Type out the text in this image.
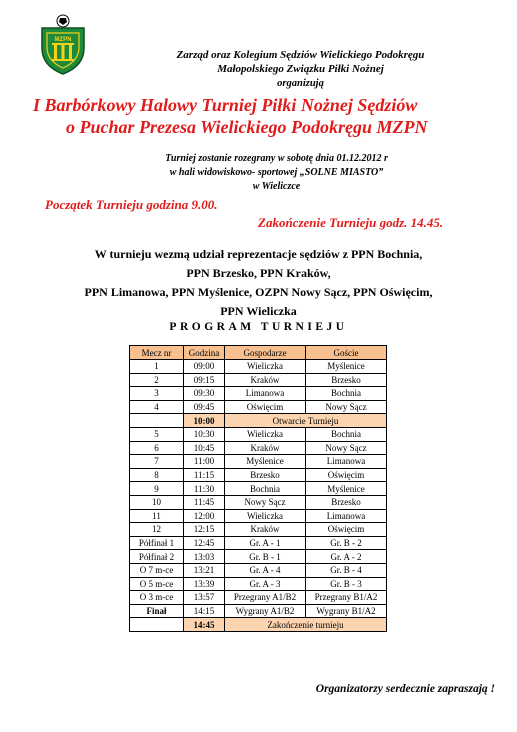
MZPN
Zarząd oraz Kolegium Sędziów Wielickiego Podokręgu
Małopolskiego Związku Piłki Nożnej
organizują
I Barbórkowy Halowy Turniej Piłki Nożnej Sędziów
o Puchar Prezesa Wielickiego Podokręgu MZPN
Turniej zostanie rozegrany w sobotę dnia 01.12.2012 r
w hali widowiskowo- sportowej „SOLNE MIASTO”
w Wieliczce
Początek Turnieju godzina 9.00.
Zakończenie Turnieju godz. 14.45.
W turnieju wezmą udział reprezentacje sędziów z PPN Bochnia,
PPN Brzesko, PPN Kraków,
PPN Limanowa, PPN Myślenice, OZPN Nowy Sącz, PPN Oświęcim,
PPN Wieliczka
PROGRAM TURNIEJU
Mecz nr	Godzina	Gospodarze	Goście
1	09:00	Wieliczka	Myślenice
2	09:15	Kraków	Brzesko
3	09:30	Limanowa	Bochnia
4	09:45	Oświęcim	Nowy Sącz
	10:00	Otwarcie Turnieju	
5	10:30	Wieliczka	Bochnia
6	10:45	Kraków	Nowy Sącz
7	11:00	Myślenice	Limanowa
8	11:15	Brzesko	Oświęcim
9	11:30	Bochnia	Myślenice
10	11:45	Nowy Sącz	Brzesko
11	12:00	Wieliczka	Limanowa
12	12:15	Kraków	Oświęcim
Półfinał 1	12:45	Gr. A - 1	Gr. B - 2
Półfinał 2	13:03	Gr. B - 1	Gr. A - 2
O 7 m-ce	13:21	Gr. A - 4	Gr. B - 4
O 5 m-ce	13:39	Gr. A - 3	Gr. B - 3
O 3 m-ce	13:57	Przegrany A1/B2	Przegrany B1/A2
Finał	14:15	Wygrany A1/B2	Wygrany B1/A2
	14:45	Zakończenie turnieju	
Organizatorzy serdecznie zapraszają !
